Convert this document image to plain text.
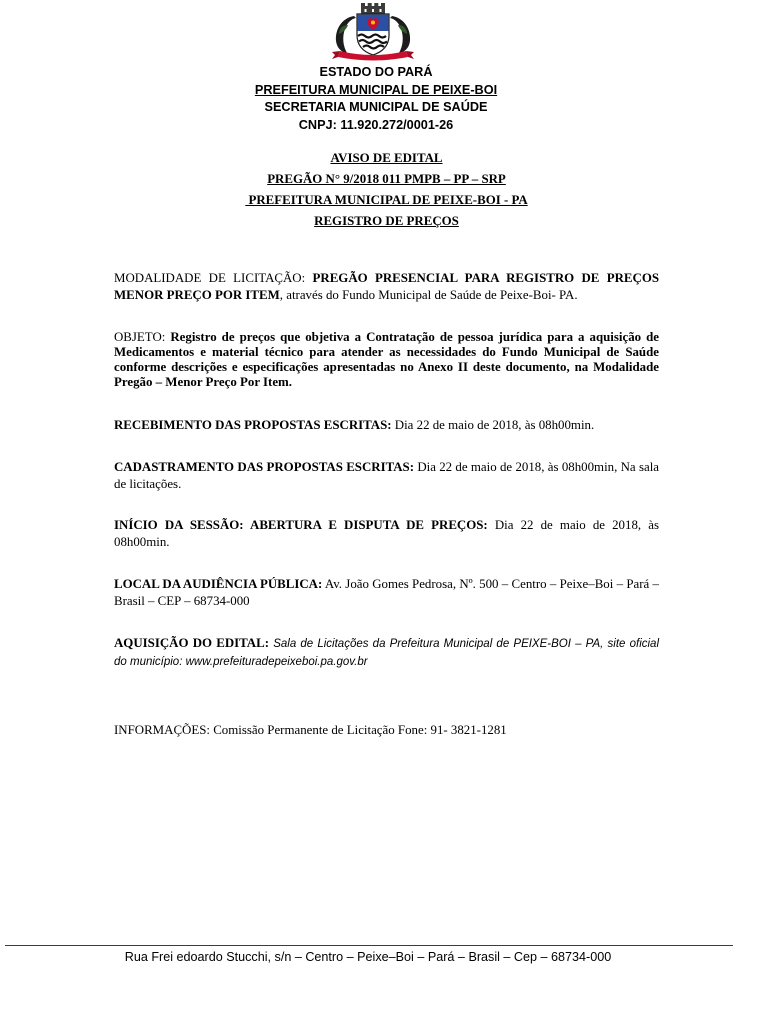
ESTADO DO PARÁ
PREFEITURA MUNICIPAL DE PEIXE-BOI
SECRETARIA MUNICIPAL DE SAÚDE
CNPJ: 11.920.272/0001-26
AVISO DE EDITAL
PREGÃO N° 9/2018 011 PMPB – PP – SRP
PREFEITURA MUNICIPAL DE PEIXE-BOI - PA
REGISTRO DE PREÇOS

MODALIDADE DE LICITAÇÃO: PREGÃO PRESENCIAL PARA REGISTRO DE PREÇOS MENOR PREÇO POR ITEM, através do Fundo Municipal de Saúde de Peixe-Boi- PA.

OBJETO: Registro de preços que objetiva a Contratação de pessoa jurídica para a aquisição de Medicamentos e material técnico para atender as necessidades do Fundo Municipal de Saúde conforme descrições e especificações apresentadas no Anexo II deste documento, na Modalidade Pregão – Menor Preço Por Item.

RECEBIMENTO DAS PROPOSTAS ESCRITAS: Dia 22 de maio de 2018, às 08h00min.

CADASTRAMENTO DAS PROPOSTAS ESCRITAS: Dia 22 de maio de 2018, às 08h00min, Na sala de licitações.

INÍCIO DA SESSÃO: ABERTURA E DISPUTA DE PREÇOS: Dia 22 de maio de 2018, às 08h00min.

LOCAL DA AUDIÊNCIA PÚBLICA: Av. João Gomes Pedrosa, Nº. 500 – Centro – Peixe–Boi – Pará – Brasil – CEP – 68734-000

AQUISIÇÃO DO EDITAL: Sala de Licitações da Prefeitura Municipal de PEIXE-BOI – PA, site oficial do município: www.prefeituradepeixeboi.pa.gov.br

INFORMAÇÕES: Comissão Permanente de Licitação Fone: 91- 3821-1281

Rua Frei edoardo Stucchi, s/n – Centro – Peixe–Boi – Pará – Brasil – Cep – 68734-000
